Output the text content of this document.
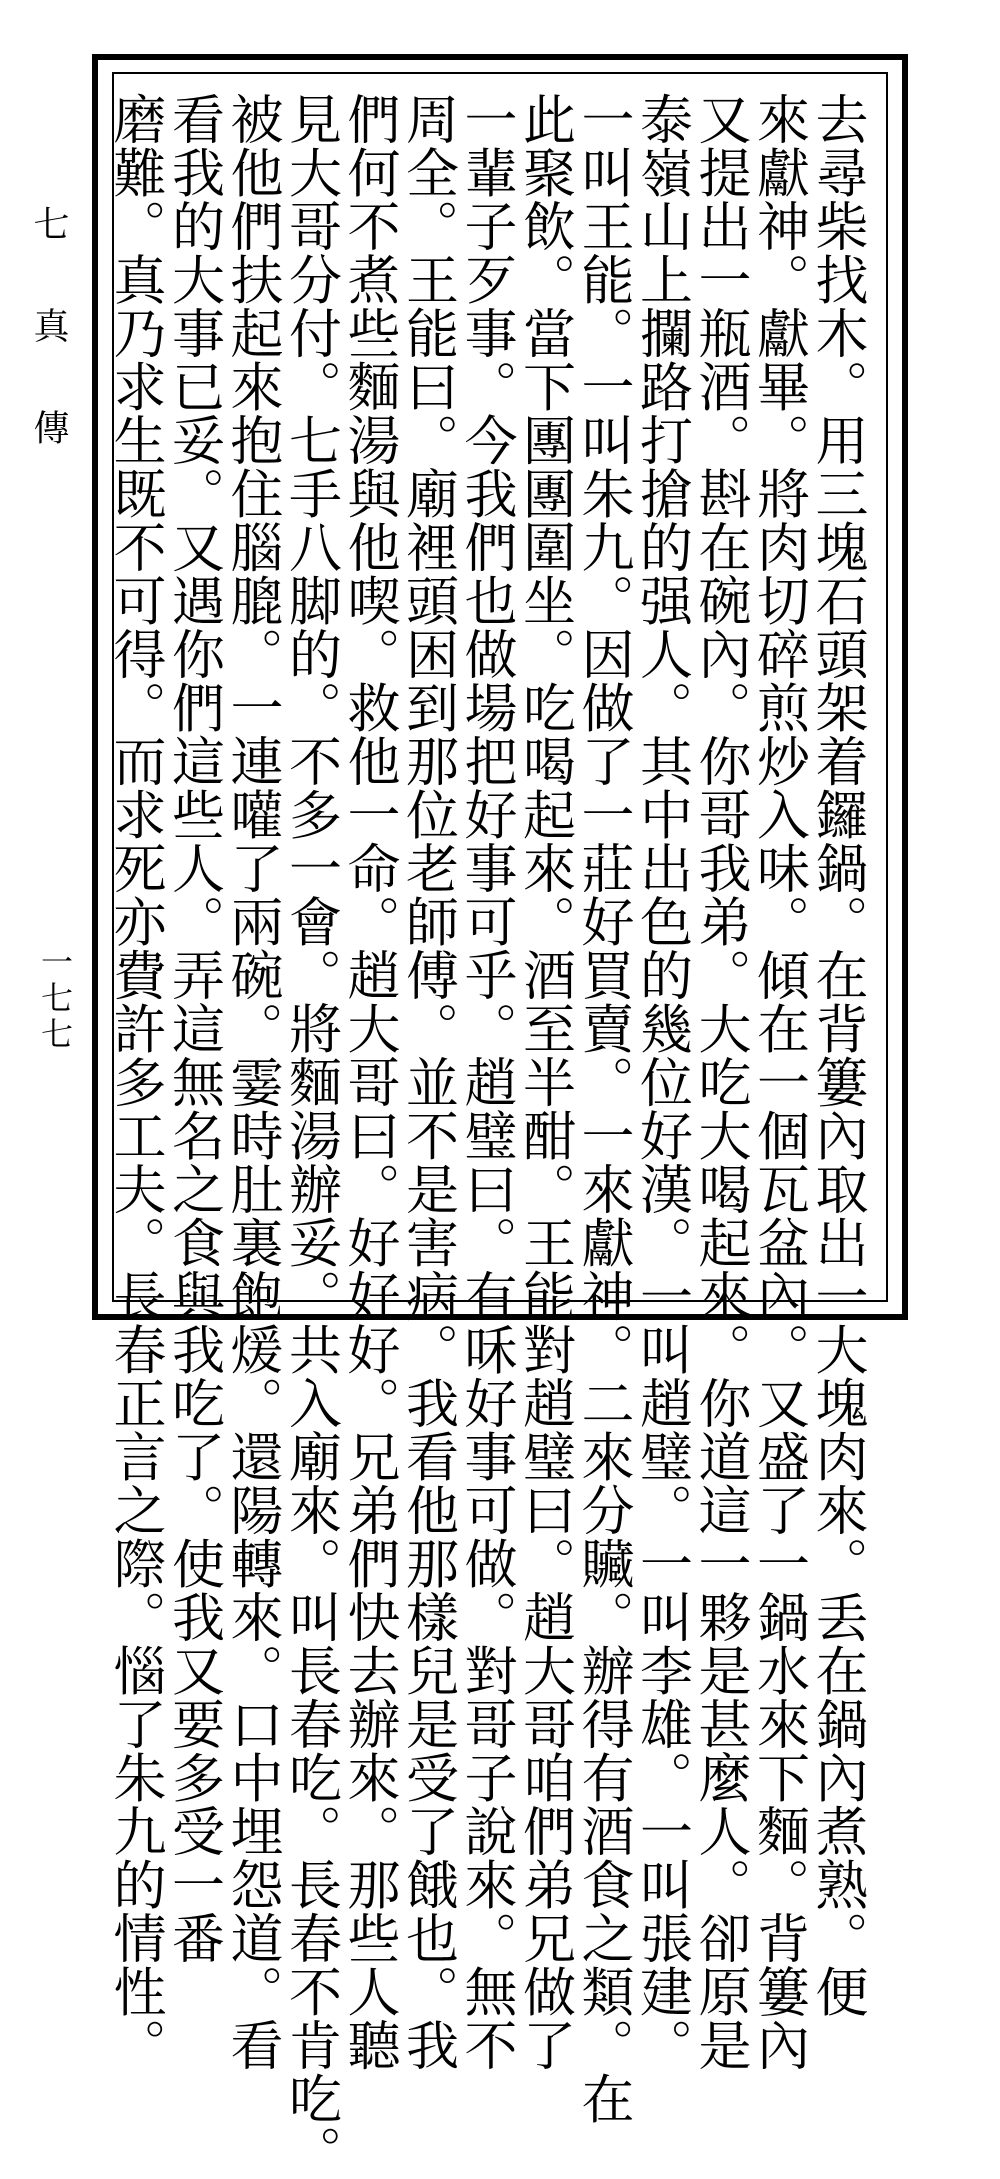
七真傳
一七七	去尋柴找木。用三塊石頭架着鑼鍋。在背簍內取出一大塊肉來。丢在鍋內煮熟。便
來獻神。獻畢。將肉切碎煎炒入味。傾在一個瓦盆內。又盛了一鍋水來下麵。背簍內
又提出一瓶酒。斟在碗內。你哥我弟。大吃大喝起來。你道這一夥是甚麼人。卻原是
泰嶺山上攔路打搶的强人。其中出色的幾位好漢。一叫趙璧。一叫李雄。一叫張建。
一叫王能。一叫朱九。因做了一莊好買賣。一來獻神。二來分贜。辦得有酒食之類。在
此聚飲。當下團團圍坐。吃喝起來。酒至半酣。王能對趙璧曰。趙大哥咱們弟兄做了
一輩子歹事。今我們也做場把好事可乎。趙璧曰。有咊好事可做。對哥子說來。無不
周全。王能曰。廟裡頭困到那位老師傅。並不是害病。我看他那樣兒是受了餓也。我
們何不煮些麵湯與他喫。救他一命。趙大哥曰。好好好。兄弟們快去辦來。那些人聽
見大哥分付。七手八脚的。不多一會。將麵湯辦妥。共入廟來。叫長春吃。長春不肯吃。
被他們扶起來抱住腦膍。一連嚾了兩碗。霎時肚裏飽煖。還陽轉來。口中埋怨道。看
看我的大事已妥。又遇你們這些人。弄這無名之食與我吃了。使我又要多受一番
磨難。真乃求生既不可得。而求死亦費許多工夫。長春正言之際。惱了朱九的情性。
